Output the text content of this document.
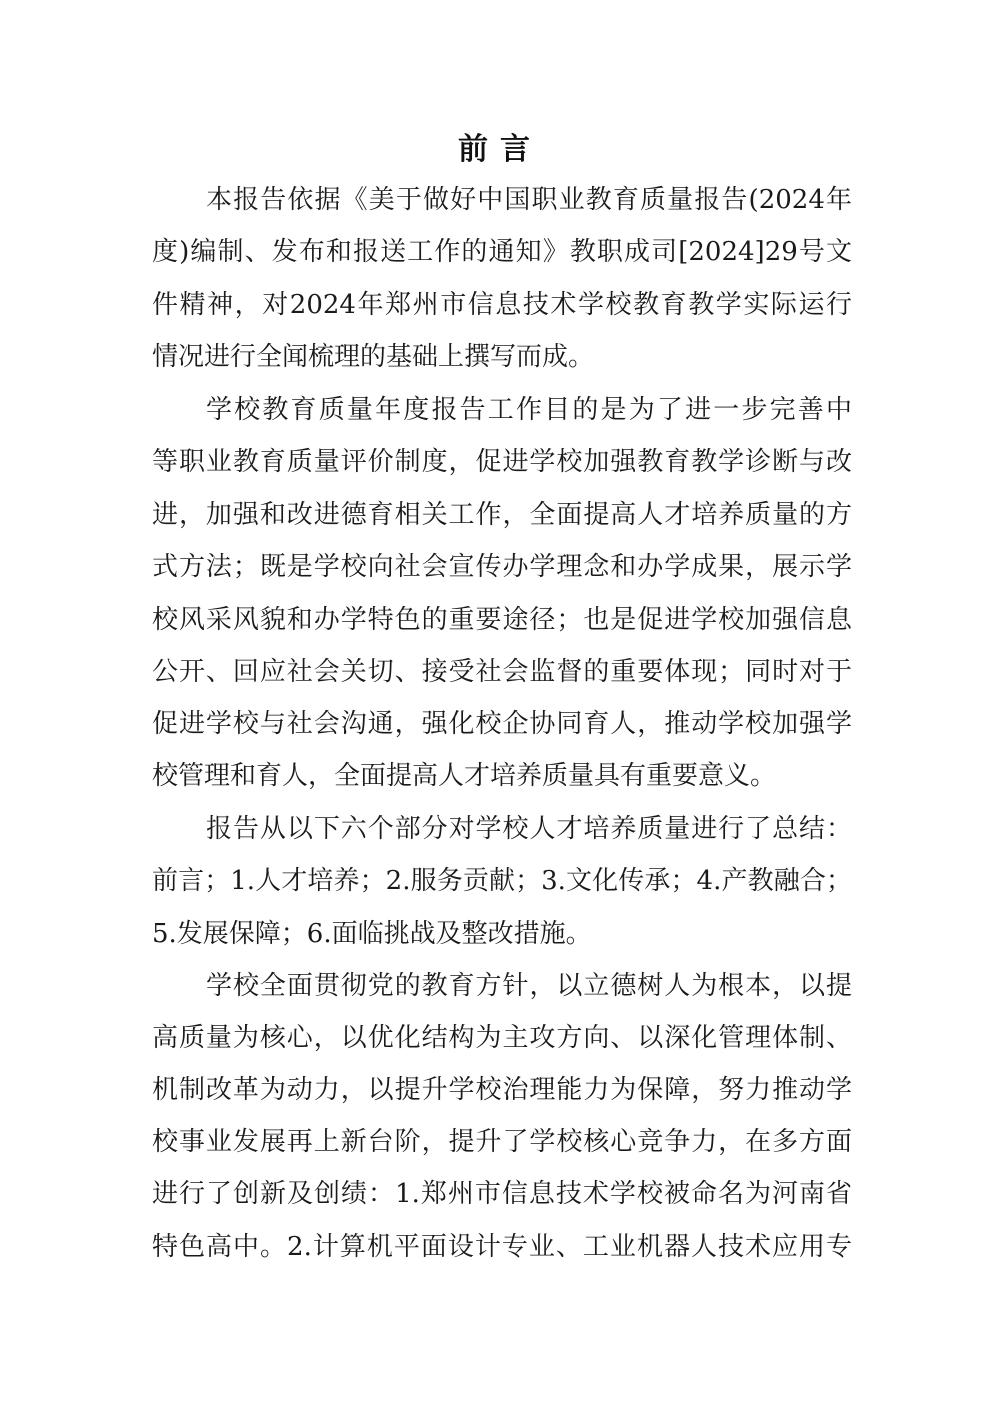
前言
本报告依据《美于做好中国职业教育质量报告(2024年
度)编制、发布和报送工作的通知》教职成司[2024]29号文
件精神，对2024年郑州市信息技术学校教育教学实际运行
情况进行全闻梳理的基础上撰写而成。
学校教育质量年度报告工作目的是为了进一步完善中
等职业教育质量评价制度，促进学校加强教育教学诊断与改
进，加强和改进德育相关工作，全面提高人才培养质量的方
式方法；既是学校向社会宣传办学理念和办学成果，展示学
校风采风貌和办学特色的重要途径；也是促进学校加强信息
公开、回应社会关切、接受社会监督的重要体现；同时对于
促进学校与社会沟通，强化校企协同育人，推动学校加强学
校管理和育人，全面提高人才培养质量具有重要意义。
报告从以下六个部分对学校人才培养质量进行了总结：
前言；1.人才培养；2.服务贡献；3.文化传承；4.产教融合；
5.发展保障；6.面临挑战及整改措施。
学校全面贯彻党的教育方针，以立德树人为根本，以提
高质量为核心，以优化结构为主攻方向、以深化管理体制、
机制改革为动力，以提升学校治理能力为保障，努力推动学
校事业发展再上新台阶，提升了学校核心竞争力，在多方面
进行了创新及创绩：1.郑州市信息技术学校被命名为河南省
特色高中。2.计算机平面设计专业、工业机器人技术应用专
